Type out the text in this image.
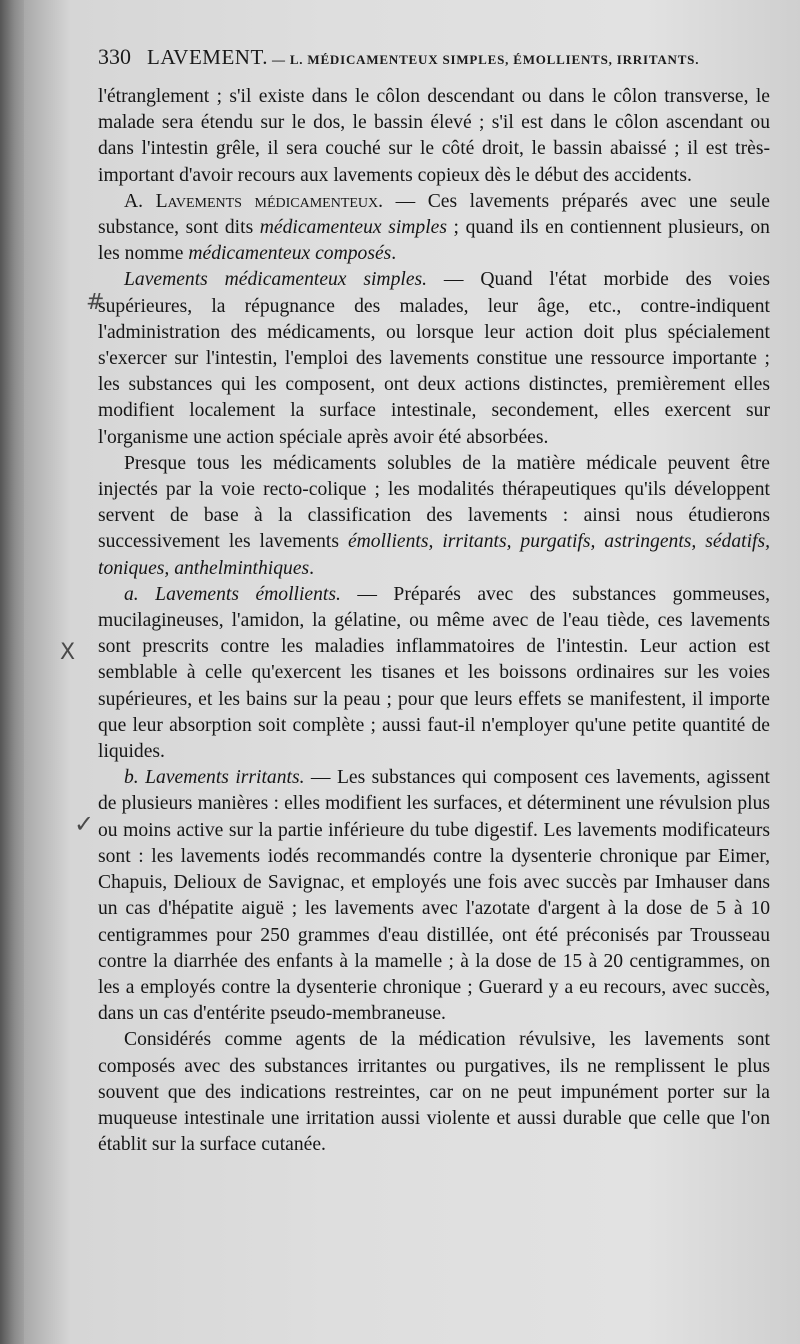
330 LAVEMENT. — L. MÉDICAMENTEUX SIMPLES, ÉMOLLIENTS, IRRITANTS.

l'étranglement ; s'il existe dans le côlon descendant ou dans le côlon transverse, le malade sera étendu sur le dos, le bassin élevé ; s'il est dans le côlon ascendant ou dans l'intestin grêle, il sera couché sur le côté droit, le bassin abaissé ; il est très-important d'avoir recours aux lavements copieux dès le début des accidents.

A. Lavements médicamenteux. — Ces lavements préparés avec une seule substance, sont dits médicamenteux simples ; quand ils en contiennent plusieurs, on les nomme médicamenteux composés.

Lavements médicamenteux simples. — Quand l'état morbide des voies supérieures, la répugnance des malades, leur âge, etc., contre-indiquent l'administration des médicaments, ou lorsque leur action doit plus spécialement s'exercer sur l'intestin, l'emploi des lavements constitue une ressource importante ; les substances qui les composent, ont deux actions distinctes, premièrement elles modifient localement la surface intestinale, secondement, elles exercent sur l'organisme une action spéciale après avoir été absorbées.

Presque tous les médicaments solubles de la matière médicale peuvent être injectés par la voie recto-colique ; les modalités thérapeutiques qu'ils développent servent de base à la classification des lavements : ainsi nous étudierons successivement les lavements émollients, irritants, purgatifs, astringents, sédatifs, toniques, anthelminthiques.

a. Lavements émollients. — Préparés avec des substances gommeuses, mucilagineuses, l'amidon, la gélatine, ou même avec de l'eau tiède, ces lavements sont prescrits contre les maladies inflammatoires de l'intestin. Leur action est semblable à celle qu'exercent les tisanes et les boissons ordinaires sur les voies supérieures, et les bains sur la peau ; pour que leurs effets se manifestent, il importe que leur absorption soit complète ; aussi faut-il n'employer qu'une petite quantité de liquides.

b. Lavements irritants. — Les substances qui composent ces lavements, agissent de plusieurs manières : elles modifient les surfaces, et déterminent une révulsion plus ou moins active sur la partie inférieure du tube digestif. Les lavements modificateurs sont : les lavements iodés recommandés contre la dysenterie chronique par Eimer, Chapuis, Delioux de Savignac, et employés une fois avec succès par Imhauser dans un cas d'hépatite aiguë ; les lavements avec l'azotate d'argent à la dose de 5 à 10 centigrammes pour 250 grammes d'eau distillée, ont été préconisés par Trousseau contre la diarrhée des enfants à la mamelle ; à la dose de 15 à 20 centigrammes, on les a employés contre la dysenterie chronique ; Guerard y a eu recours, avec succès, dans un cas d'entérite pseudo-membraneuse.

Considérés comme agents de la médication révulsive, les lavements sont composés avec des substances irritantes ou purgatives, ils ne remplissent le plus souvent que des indications restreintes, car on ne peut impunément porter sur la muqueuse intestinale une irritation aussi violente et aussi durable que celle que l'on établit sur la surface cutanée.

#
X
✓
